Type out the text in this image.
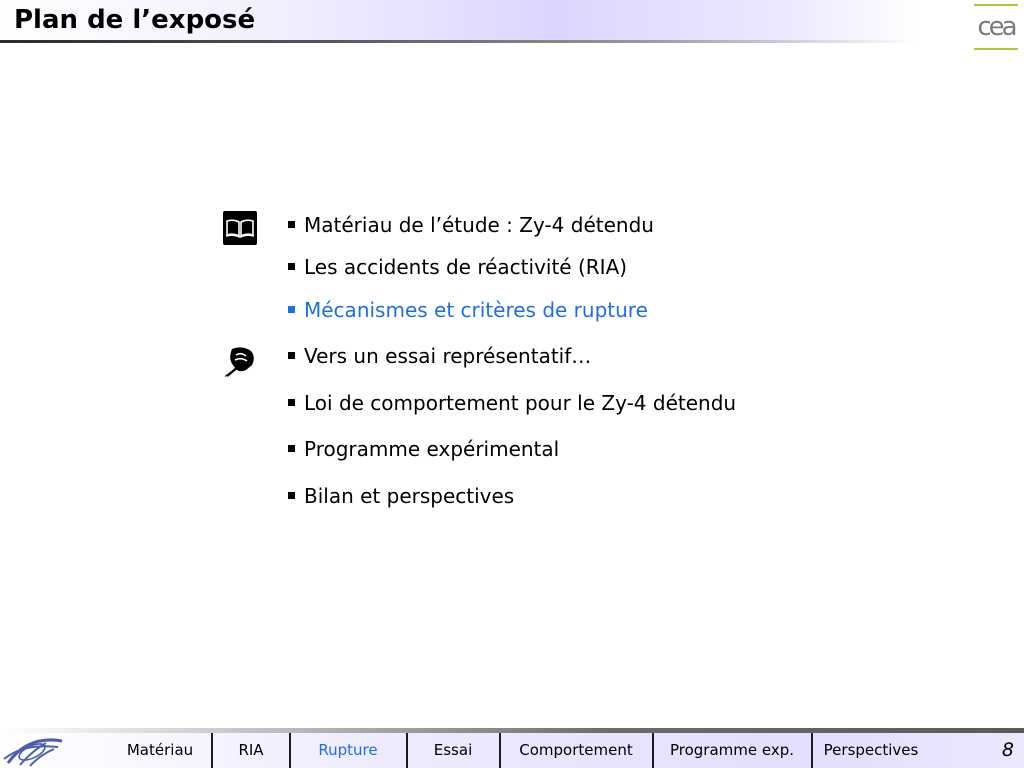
Plan de l’exposé	cea
Matériau de l’étude : Zy-4 détendu
Les accidents de réactivité (RIA)
Mécanismes et critères de rupture
Vers un essai représentatif…
Loi de comportement pour le Zy-4 détendu
Programme expérimental
Bilan et perspectives
Matériau	RIA	Rupture	Essai	Comportement	Programme exp.	Perspectives	8
